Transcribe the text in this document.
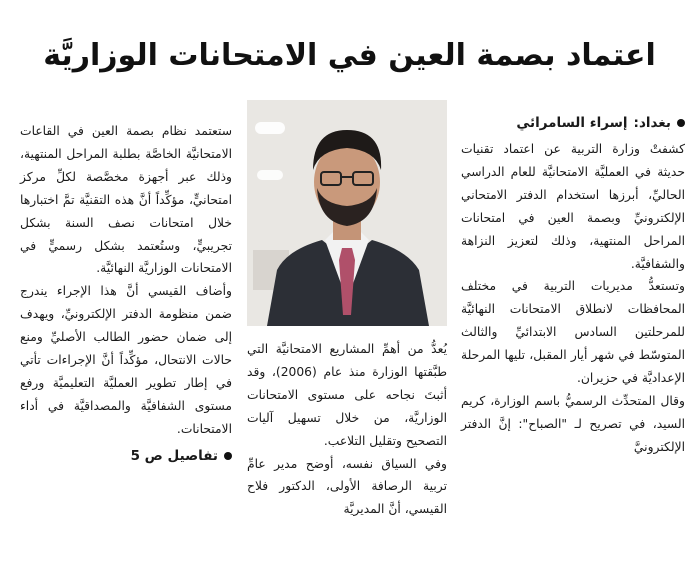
اعتماد بصمة العين في الامتحانات الوزاريَّة
بغداد:
إسراء السامرائي

كشفتْ وزارة التربية عن اعتماد تقنيات حديثة في العمليَّة الامتحانيَّة للعام الدراسي الحاليِّ، أبرزها استخدام الدفتر الامتحاني الإلكترونيِّ وبصمة العين في امتحانات المراحل المنتهية، وذلك لتعزيز النزاهة والشفافيَّة.

وتستعدُّ مديريات التربية في مختلف المحافظات لانطلاق الامتحانات النهائيَّة للمرحلتين السادس الابتدائيِّ والثالث المتوسّط في شهر أيار المقبل، تليها المرحلة الإعداديَّة في حزيران.

وقال المتحدِّث الرسميُّ باسم الوزارة، كريم السيد، في تصريح لـ "الصباح": إنَّ الدفتر الإلكترونيَّ

يُعدُّ من أهمِّ المشاريع الامتحانيَّة التي طبَّقتها الوزارة منذ عام (2006)، وقد أثبتَ نجاحه على مستوى الامتحانات الوزاريَّة، من خلال تسهيل آليات التصحيح وتقليل التلاعب.

وفي السياق نفسه، أوضح مدير عامِّ تربية الرصافة الأولى، الدكتور فلاح القيسي، أنَّ المديريَّة

ستعتمد نظام بصمة العين في القاعات الامتحانيَّة الخاصَّة بطلبة المراحل المنتهية، وذلك عبر أجهزة مخصَّصة لكلِّ مركز امتحانيٍّ، مؤكِّداً أنَّ هذه التقنيَّة تمَّ اختبارها خلال امتحانات نصف السنة بشكل تجريبيٍّ، وستُعتمد بشكل رسميٍّ في الامتحانات الوزاريَّة النهائيَّة.

وأضاف القيسي أنَّ هذا الإجراء يندرج ضمن منظومة الدفتر الإلكترونيِّ، ويهدف إلى ضمان حضور الطالب الأصليِّ ومنع حالات الانتحال، مؤكِّداً أنَّ الإجراءات تأتي في إطار تطوير العمليَّة التعليميَّة ورفع مستوى الشفافيَّة والمصداقيَّة في أداء الامتحانات.

تفاصيل ص 5
